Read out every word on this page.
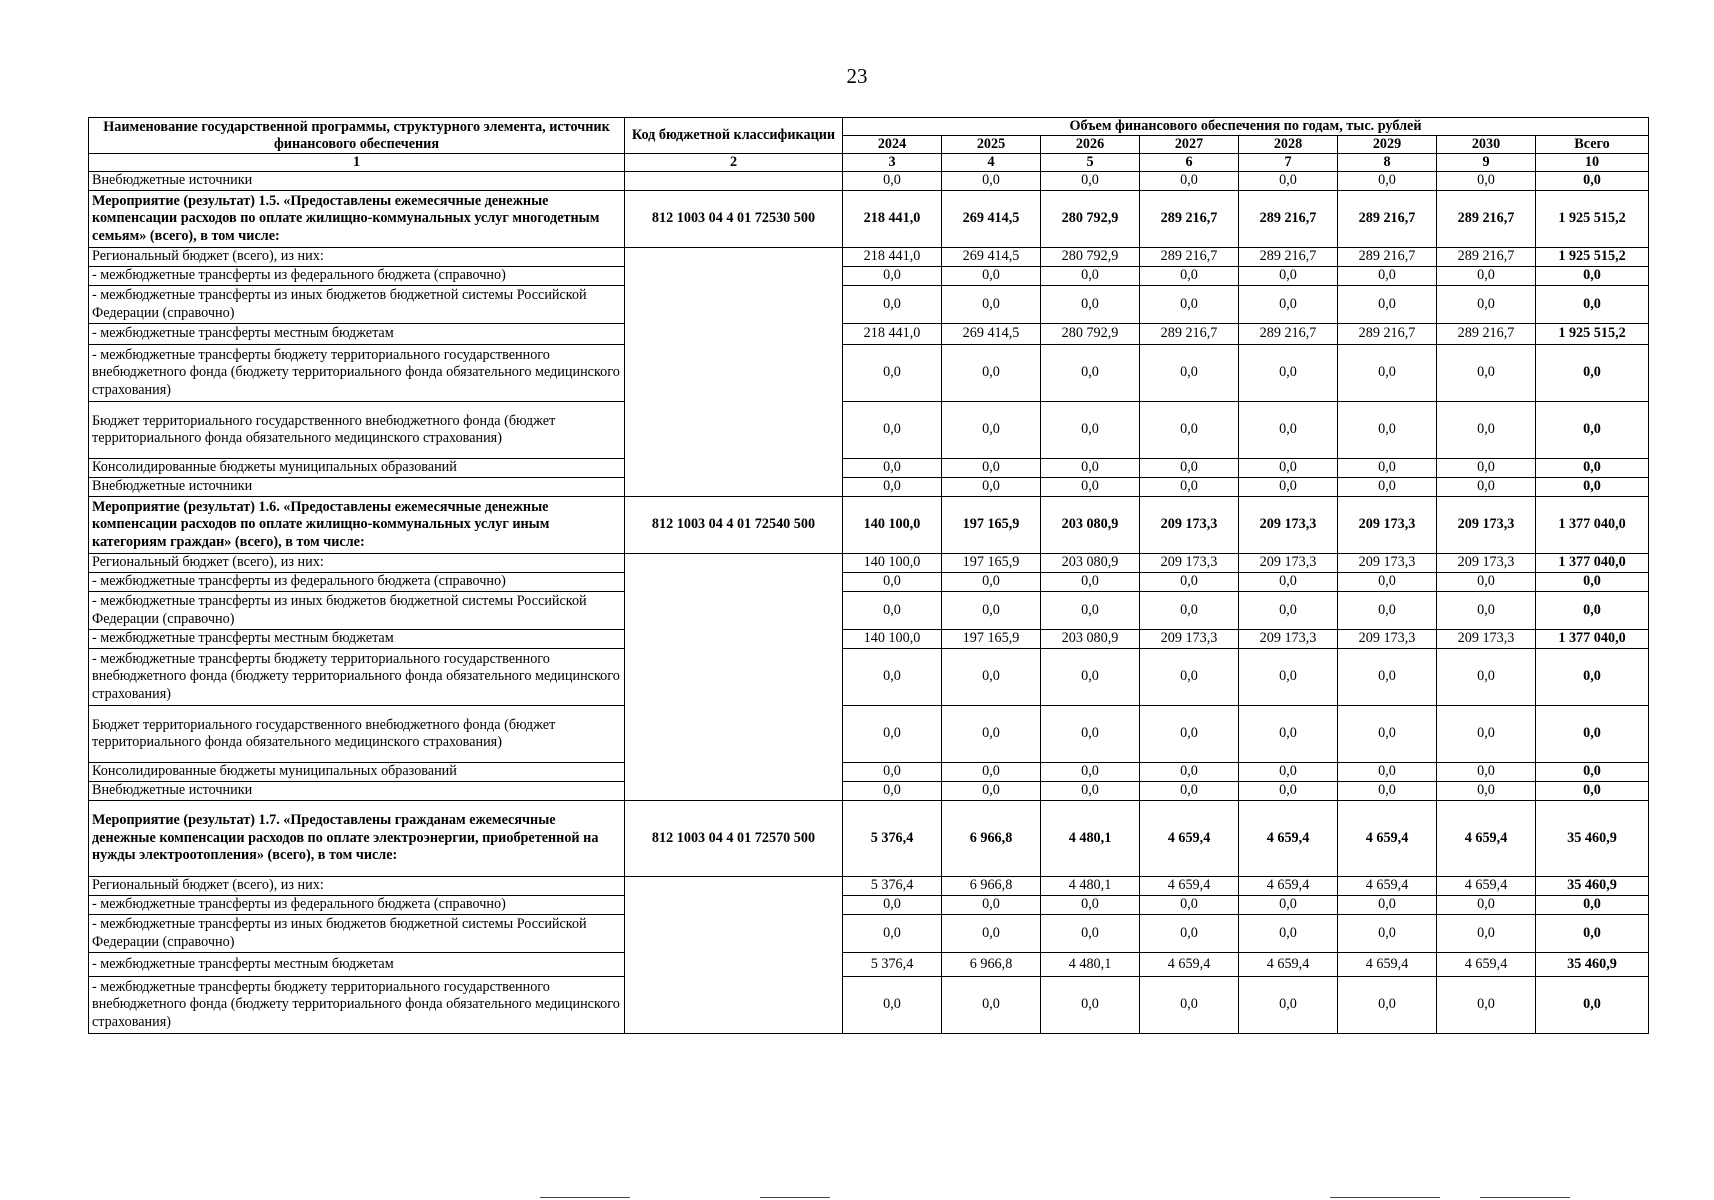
23
Наименование государственной программы, структурного элемента, источник финансового обеспечения	Код бюджетной классификации	Объем финансового обеспечения по годам, тыс. рублей							
		2024	2025	2026	2027	2028	2029	2030	Всего
1	2	3	4	5	6	7	8	9	10
Внебюджетные источники		0,0	0,0	0,0	0,0	0,0	0,0	0,0	0,0
Мероприятие (результат) 1.5. «Предоставлены ежемесячные денежные компенсации расходов по оплате жилищно-коммунальных услуг многодетным семьям» (всего), в том числе:	812 1003 04 4 01 72530 500	218 441,0	269 414,5	280 792,9	289 216,7	289 216,7	289 216,7	289 216,7	1 925 515,2
Региональный бюджет (всего), из них:		218 441,0	269 414,5	280 792,9	289 216,7	289 216,7	289 216,7	289 216,7	1 925 515,2
- межбюджетные трансферты из федерального бюджета (справочно)		0,0	0,0	0,0	0,0	0,0	0,0	0,0	0,0
- межбюджетные трансферты из иных бюджетов бюджетной системы Российской Федерации (справочно)		0,0	0,0	0,0	0,0	0,0	0,0	0,0	0,0
- межбюджетные трансферты местным бюджетам		218 441,0	269 414,5	280 792,9	289 216,7	289 216,7	289 216,7	289 216,7	1 925 515,2
- межбюджетные трансферты бюджету территориального государственного внебюджетного фонда (бюджету территориального фонда обязательного медицинского страхования)		0,0	0,0	0,0	0,0	0,0	0,0	0,0	0,0
Бюджет территориального государственного внебюджетного фонда (бюджет территориального фонда обязательного медицинского страхования)		0,0	0,0	0,0	0,0	0,0	0,0	0,0	0,0
Консолидированные бюджеты муниципальных образований		0,0	0,0	0,0	0,0	0,0	0,0	0,0	0,0
Внебюджетные источники		0,0	0,0	0,0	0,0	0,0	0,0	0,0	0,0
Мероприятие (результат) 1.6. «Предоставлены ежемесячные денежные компенсации расходов по оплате жилищно-коммунальных услуг иным категориям граждан» (всего), в том числе:	812 1003 04 4 01 72540 500	140 100,0	197 165,9	203 080,9	209 173,3	209 173,3	209 173,3	209 173,3	1 377 040,0
Региональный бюджет (всего), из них:		140 100,0	197 165,9	203 080,9	209 173,3	209 173,3	209 173,3	209 173,3	1 377 040,0
- межбюджетные трансферты из федерального бюджета (справочно)		0,0	0,0	0,0	0,0	0,0	0,0	0,0	0,0
- межбюджетные трансферты из иных бюджетов бюджетной системы Российской Федерации (справочно)		0,0	0,0	0,0	0,0	0,0	0,0	0,0	0,0
- межбюджетные трансферты местным бюджетам		140 100,0	197 165,9	203 080,9	209 173,3	209 173,3	209 173,3	209 173,3	1 377 040,0
- межбюджетные трансферты бюджету территориального государственного внебюджетного фонда (бюджету территориального фонда обязательного медицинского страхования)		0,0	0,0	0,0	0,0	0,0	0,0	0,0	0,0
Бюджет территориального государственного внебюджетного фонда (бюджет территориального фонда обязательного медицинского страхования)		0,0	0,0	0,0	0,0	0,0	0,0	0,0	0,0
Консолидированные бюджеты муниципальных образований		0,0	0,0	0,0	0,0	0,0	0,0	0,0	0,0
Внебюджетные источники		0,0	0,0	0,0	0,0	0,0	0,0	0,0	0,0
Мероприятие (результат) 1.7. «Предоставлены гражданам ежемесячные денежные компенсации расходов по оплате электроэнергии, приобретенной на нужды электроотопления» (всего), в том числе:	812 1003 04 4 01 72570 500	5 376,4	6 966,8	4 480,1	4 659,4	4 659,4	4 659,4	4 659,4	35 460,9
Региональный бюджет (всего), из них:		5 376,4	6 966,8	4 480,1	4 659,4	4 659,4	4 659,4	4 659,4	35 460,9
- межбюджетные трансферты из федерального бюджета (справочно)		0,0	0,0	0,0	0,0	0,0	0,0	0,0	0,0
- межбюджетные трансферты из иных бюджетов бюджетной системы Российской Федерации (справочно)		0,0	0,0	0,0	0,0	0,0	0,0	0,0	0,0
- межбюджетные трансферты местным бюджетам		5 376,4	6 966,8	4 480,1	4 659,4	4 659,4	4 659,4	4 659,4	35 460,9
- межбюджетные трансферты бюджету территориального государственного внебюджетного фонда (бюджету территориального фонда обязательного медицинского страхования)		0,0	0,0	0,0	0,0	0,0	0,0	0,0	0,0
